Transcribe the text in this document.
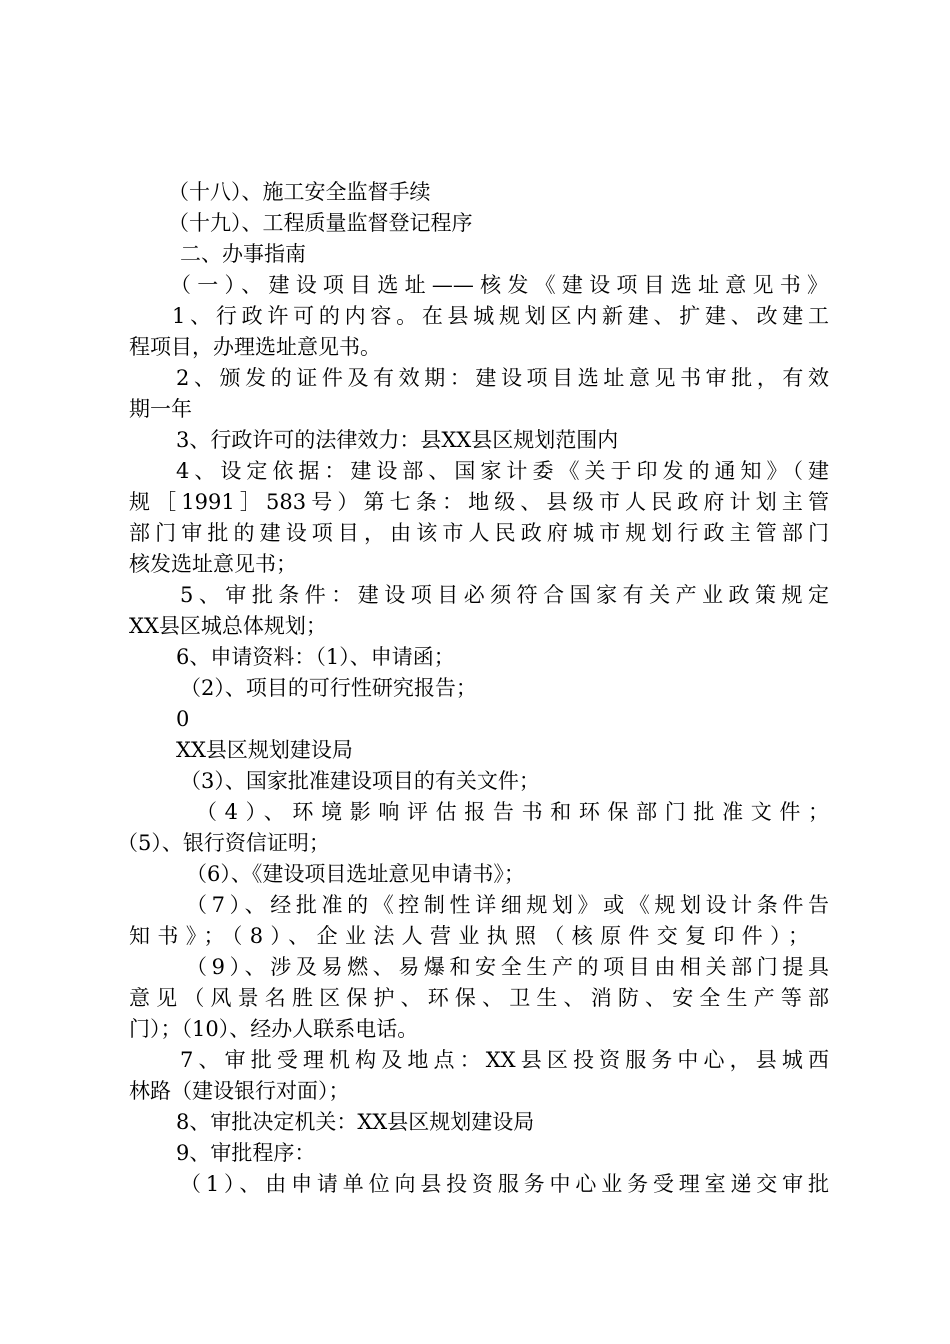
（十八）、施工安全监督手续
（十九）、工程质量监督登记程序
二、办事指南
（一）、建设项目选址——核发《建设项目选址意见书》
1、行政许可的内容。在县城规划区内新建、扩建、改建工
程项目，办理选址意见书。
2、颁发的证件及有效期：建设项目选址意见书审批，有效
期一年
3、行政许可的法律效力：县XX县区规划范围内
4、设定依据：建设部、国家计委《关于印发的通知》（建
规［1991］583号）第七条：地级、县级市人民政府计划主管
部门审批的建设项目，由该市人民政府城市规划行政主管部门
核发选址意见书；
5、审批条件：建设项目必须符合国家有关产业政策规定
XX县区城总体规划；
6、申请资料：（1）、申请函；
（2）、项目的可行性研究报告；
0
XX县区规划建设局
（3）、国家批准建设项目的有关文件；
（4）、环境影响评估报告书和环保部门批准文件；
（5）、银行资信证明；
（6）、《建设项目选址意见申请书》；
（7）、经批准的《控制性详细规划》或《规划设计条件告
知书》；（8）、企业法人营业执照（核原件交复印件）；
（9）、涉及易燃、易爆和安全生产的项目由相关部门提具
意见（风景名胜区保护、环保、卫生、消防、安全生产等部
门）；（10）、经办人联系电话。
7、审批受理机构及地点：XX县区投资服务中心，县城西
林路（建设银行对面）；
8、审批决定机关：XX县区规划建设局
9、审批程序：
（1）、由申请单位向县投资服务中心业务受理室递交审批
